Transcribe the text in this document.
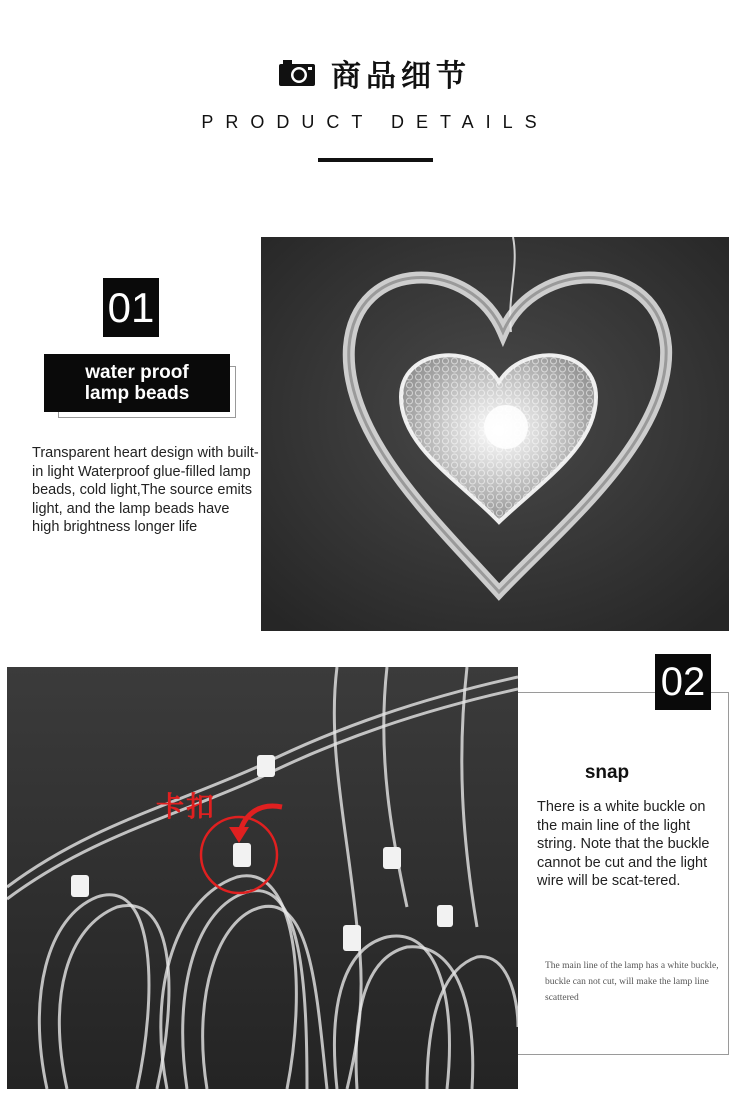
商品细节
PRODUCT DETAILS
01
water proof
lamp beads
Transparent heart design with built-in light Waterproof glue-filled lamp beads, cold light,The source emits light, and the lamp beads have high brightness longer life
卡扣
02
snap
There is a white buckle on the main line of the light string. Note that the buckle cannot be cut and the light wire will be scat-tered.
The main line of the lamp has a white buckle, buckle can not cut, will make the lamp line scattered
